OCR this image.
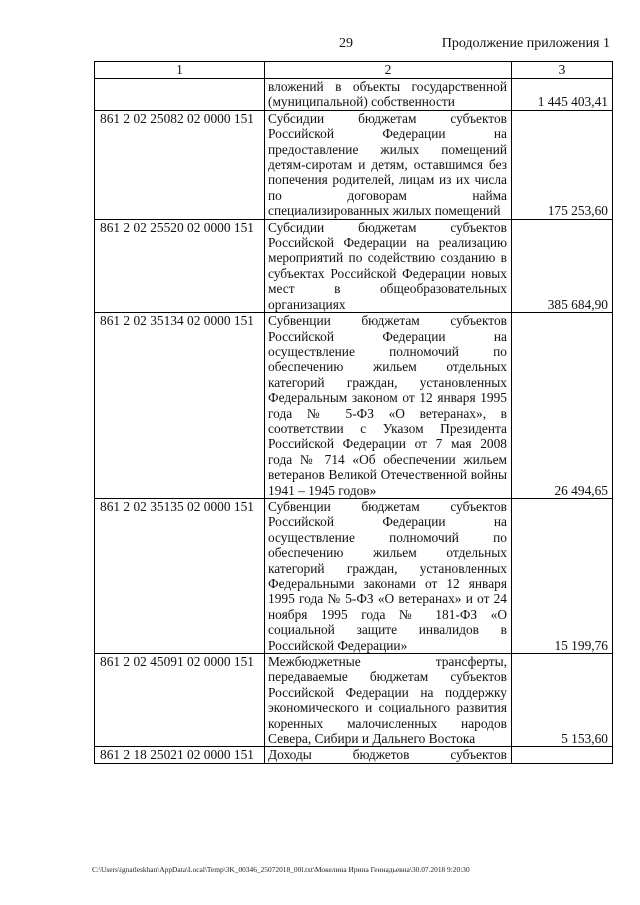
29	Продолжение приложения 1
1	2	3
	вложений в объекты государственной (муниципальной) собственности	1 445 403,41
861 2 02 25082 02 0000 151	Субсидии бюджетам субъектов Российской Федерации на предоставление жилых помещений детям-сиротам и детям, оставшимся без попечения родителей, лицам из их числа по договорам найма специализированных жилых помещений	175 253,60
861 2 02 25520 02 0000 151	Субсидии бюджетам субъектов Российской Федерации на реализацию мероприятий по содействию созданию в субъектах Российской Федерации новых мест в общеобразовательных организациях	385 684,90
861 2 02 35134 02 0000 151	Субвенции бюджетам субъектов Российской Федерации на осуществление полномочий по обеспечению жильем отдельных категорий граждан, установленных Федеральным законом от 12 января 1995 года № 5-ФЗ «О ветеранах», в соответствии с Указом Президента Российской Федерации от 7 мая 2008 года № 714 «Об обеспечении жильем ветеранов Великой Отечественной войны 1941 – 1945 годов»	26 494,65
861 2 02 35135 02 0000 151	Субвенции бюджетам субъектов Российской Федерации на осуществление полномочий по обеспечению жильем отдельных категорий граждан, установленных Федеральными законами от 12 января 1995 года № 5-ФЗ «О ветеранах» и от 24 ноября 1995 года № 181-ФЗ «О социальной защите инвалидов в Российской Федерации»	15 199,76
861 2 02 45091 02 0000 151	Межбюджетные трансферты, передаваемые бюджетам субъектов Российской Федерации на поддержку экономического и социального развития коренных малочисленных народов Севера, Сибири и Дальнего Востока	5 153,60
861 2 18 25021 02 0000 151	Доходы бюджетов субъектов	
C:\Users\ignatleskhan\AppData\Local\Temp\3K_00346_25072018_00l.txt\Мокелина Ирина Геннадьевна\30.07.2018 9:20:30
